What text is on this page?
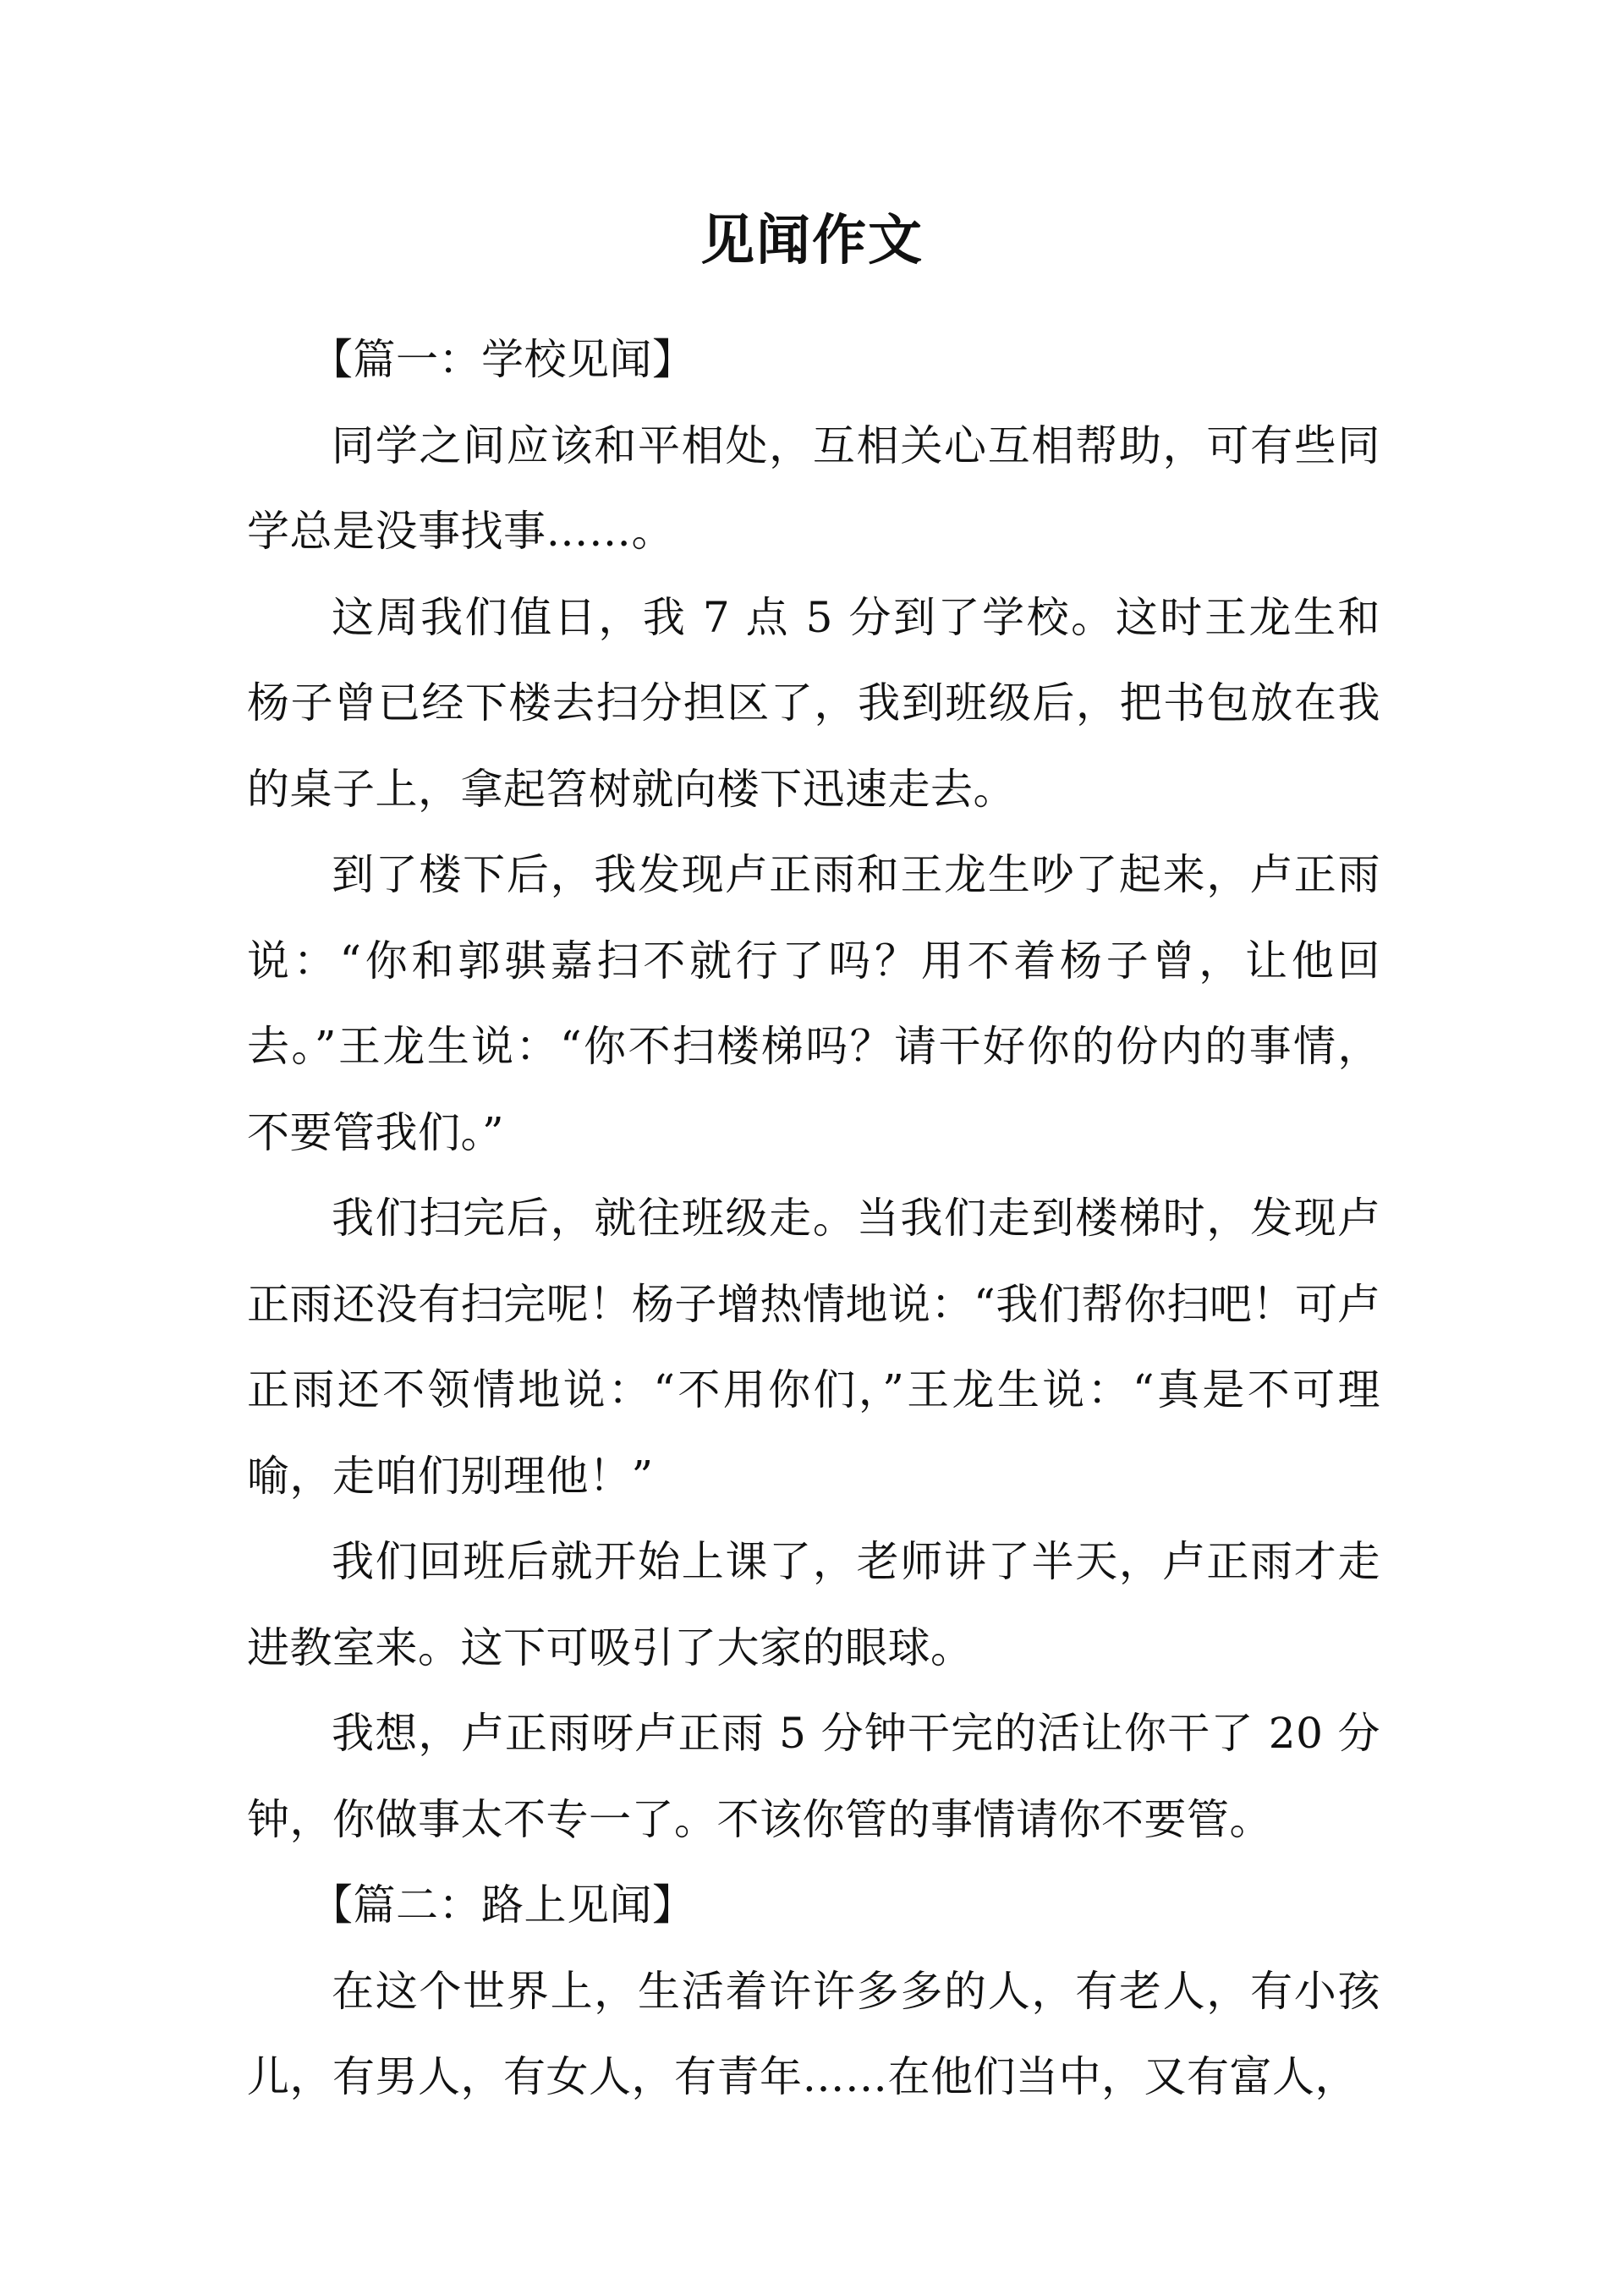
见闻作文

【篇一：学校见闻】

同学之间应该和平相处，互相关心互相帮助，可有些同学总是没事找事……。

这周我们值日，我 7 点 5 分到了学校。这时王龙生和杨子曾已经下楼去扫分担区了，我到班级后，把书包放在我的桌子上，拿起笤树就向楼下迅速走去。

到了楼下后，我发现卢正雨和王龙生吵了起来，卢正雨说：“你和郭骐嘉扫不就行了吗？用不着杨子曾，让他回去。”王龙生说：“你不扫楼梯吗？请干好你的份内的事情，不要管我们。”

我们扫完后，就往班级走。当我们走到楼梯时，发现卢正雨还没有扫完呢！杨子增热情地说：“我们帮你扫吧！可卢正雨还不领情地说：“不用你们，”王龙生说：“真是不可理喻，走咱们别理他！”

我们回班后就开始上课了，老师讲了半天，卢正雨才走进教室来。这下可吸引了大家的眼球。

我想，卢正雨呀卢正雨 5 分钟干完的活让你干了 20 分钟，你做事太不专一了。不该你管的事情请你不要管。

【篇二：路上见闻】

在这个世界上，生活着许许多多的人，有老人，有小孩儿，有男人，有女人，有青年……在他们当中，又有富人，
